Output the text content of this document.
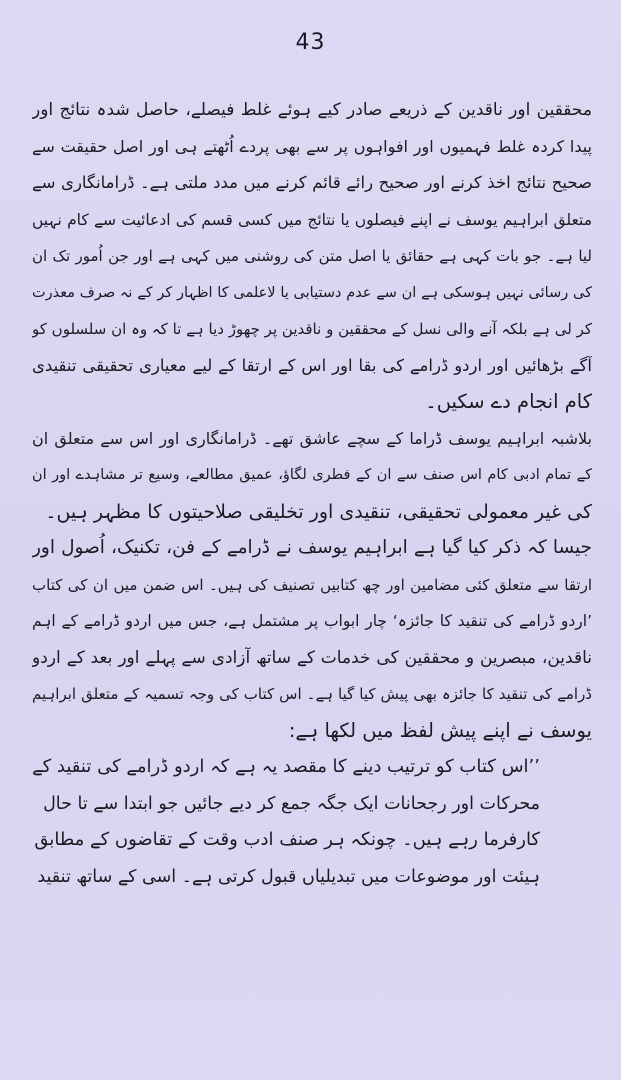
43
محققین اور ناقدین کے ذریعے صادر کیے ہوئے غلط فیصلے، حاصل شدہ نتائج اور
پیدا کردہ غلط فہمیوں اور افواہوں پر سے بھی پردے اُٹھتے ہی اور اصل حقیقت سے
صحیح نتائج اخذ کرنے اور صحیح رائے قائم کرنے میں مدد ملتی ہے۔ ڈرامانگاری سے
متعلق ابراہیم یوسف نے اپنے فیصلوں یا نتائج میں کسی قسم کی ادعائیت سے کام نہیں
لیا ہے۔ جو بات کہی ہے حقائق یا اصل متن کی روشنی میں کہی ہے اور جن اُمور تک ان
کی رسائی نہیں ہوسکی ہے ان سے عدم دستیابی یا لاعلمی کا اظہار کر کے نہ صرف معذرت
کر لی ہے بلکہ آنے والی نسل کے محققین و ناقدین پر چھوڑ دیا ہے تا کہ وہ ان سلسلوں کو
آگے بڑھائیں اور اردو ڈرامے کی بقا اور اس کے ارتقا کے لیے معیاری تحقیقی تنقیدی
کام انجام دے سکیں۔
بلاشبہ ابراہیم یوسف ڈراما کے سچے عاشق تھے۔ ڈرامانگاری اور اس سے متعلق ان
کے تمام ادبی کام اس صنف سے ان کے فطری لگاؤ، عمیق مطالعے، وسیع تر مشاہدے اور ان
کی غیر معمولی تحقیقی، تنقیدی اور تخلیقی صلاحیتوں کا مظہر ہیں۔
جیسا کہ ذکر کیا گیا ہے ابراہیم یوسف نے ڈرامے کے فن، تکنیک، اُصول اور
ارتقا سے متعلق کئی مضامین اور چھ کتابیں تصنیف کی ہیں۔ اس ضمن میں ان کی کتاب
’اردو ڈرامے کی تنقید کا جائزہ‘ چار ابواب پر مشتمل ہے، جس میں اردو ڈرامے کے اہم
ناقدین، مبصرین و محققین کی خدمات کے ساتھ آزادی سے پہلے اور بعد کے اردو
ڈرامے کی تنقید کا جائزہ بھی پیش کیا گیا ہے۔ اس کتاب کی وجہ تسمیہ کے متعلق ابراہیم
یوسف نے اپنے پیش لفظ میں لکھا ہے:
’’اس کتاب کو ترتیب دینے کا مقصد یہ ہے کہ اردو ڈرامے کی تنقید کے
محرکات اور رجحانات ایک جگہ جمع کر دیے جائیں جو ابتدا سے تا حال
کارفرما رہے ہیں۔ چونکہ ہر صنف ادب وقت کے تقاضوں کے مطابق
ہیئت اور موضوعات میں تبدیلیاں قبول کرتی ہے۔ اسی کے ساتھ تنقید
